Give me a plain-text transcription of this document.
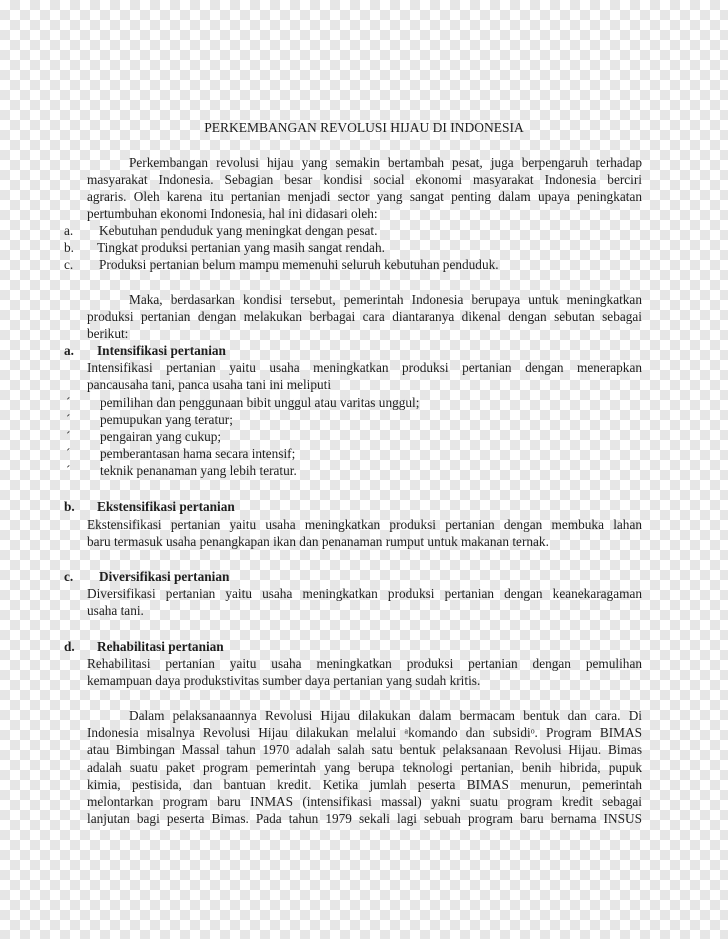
PERKEMBANGAN REVOLUSI HIJAU DI INDONESIA
Perkembangan revolusi hijau yang semakin bertambah pesat, juga berpengaruh terhadap
masyarakat Indonesia. Sebagian besar kondisi social ekonomi masyarakat Indonesia berciri
agraris. Oleh karena itu pertanian menjadi sector yang sangat penting dalam upaya peningkatan
pertumbuhan ekonomi Indonesia, hal ini didasari oleh:
a. Kebutuhan penduduk yang meningkat dengan pesat.
b. Tingkat produksi pertanian yang masih sangat rendah.
c. Produksi pertanian belum mampu memenuhi seluruh kebutuhan penduduk.
Maka, berdasarkan kondisi tersebut, pemerintah Indonesia berupaya untuk meningkatkan
produksi pertanian dengan melakukan berbagai cara diantaranya dikenal dengan sebutan sebagai
berikut:
a. Intensifikasi pertanian
Intensifikasi pertanian yaitu usaha meningkatkan produksi pertanian dengan menerapkan
pancausaha tani, panca usaha tani ini meliputi
´ pemilihan dan penggunaan bibit unggul atau varitas unggul;
´ pemupukan yang teratur;
´ pengairan yang cukup;
´ pemberantasan hama secara intensif;
´ teknik penanaman yang lebih teratur.
b. Ekstensifikasi pertanian
Ekstensifikasi pertanian yaitu usaha meningkatkan produksi pertanian dengan membuka lahan
baru termasuk usaha penangkapan ikan dan penanaman rumput untuk makanan ternak.
c. Diversifikasi pertanian
Diversifikasi pertanian yaitu usaha meningkatkan produksi pertanian dengan keanekaragaman
usaha tani.
d. Rehabilitasi pertanian
Rehabilitasi pertanian yaitu usaha meningkatkan produksi pertanian dengan pemulihan
kemampuan daya produkstivitas sumber daya pertanian yang sudah kritis.
Dalam pelaksanaannya Revolusi Hijau dilakukan dalam bermacam bentuk dan cara. Di
Indonesia misalnya Revolusi Hijau dilakukan melalui ᵃkomando dan subsidiᵒ. Program BIMAS
atau Bimbingan Massal tahun 1970 adalah salah satu bentuk pelaksanaan Revolusi Hijau. Bimas
adalah suatu paket program pemerintah yang berupa teknologi pertanian, benih hibrida, pupuk
kimia, pestisida, dan bantuan kredit. Ketika jumlah peserta BIMAS menurun, pemerintah
melontarkan program baru INMAS (intensifikasi massal) yakni suatu program kredit sebagai
lanjutan bagi peserta Bimas. Pada tahun 1979 sekali lagi sebuah program baru bernama INSUS
